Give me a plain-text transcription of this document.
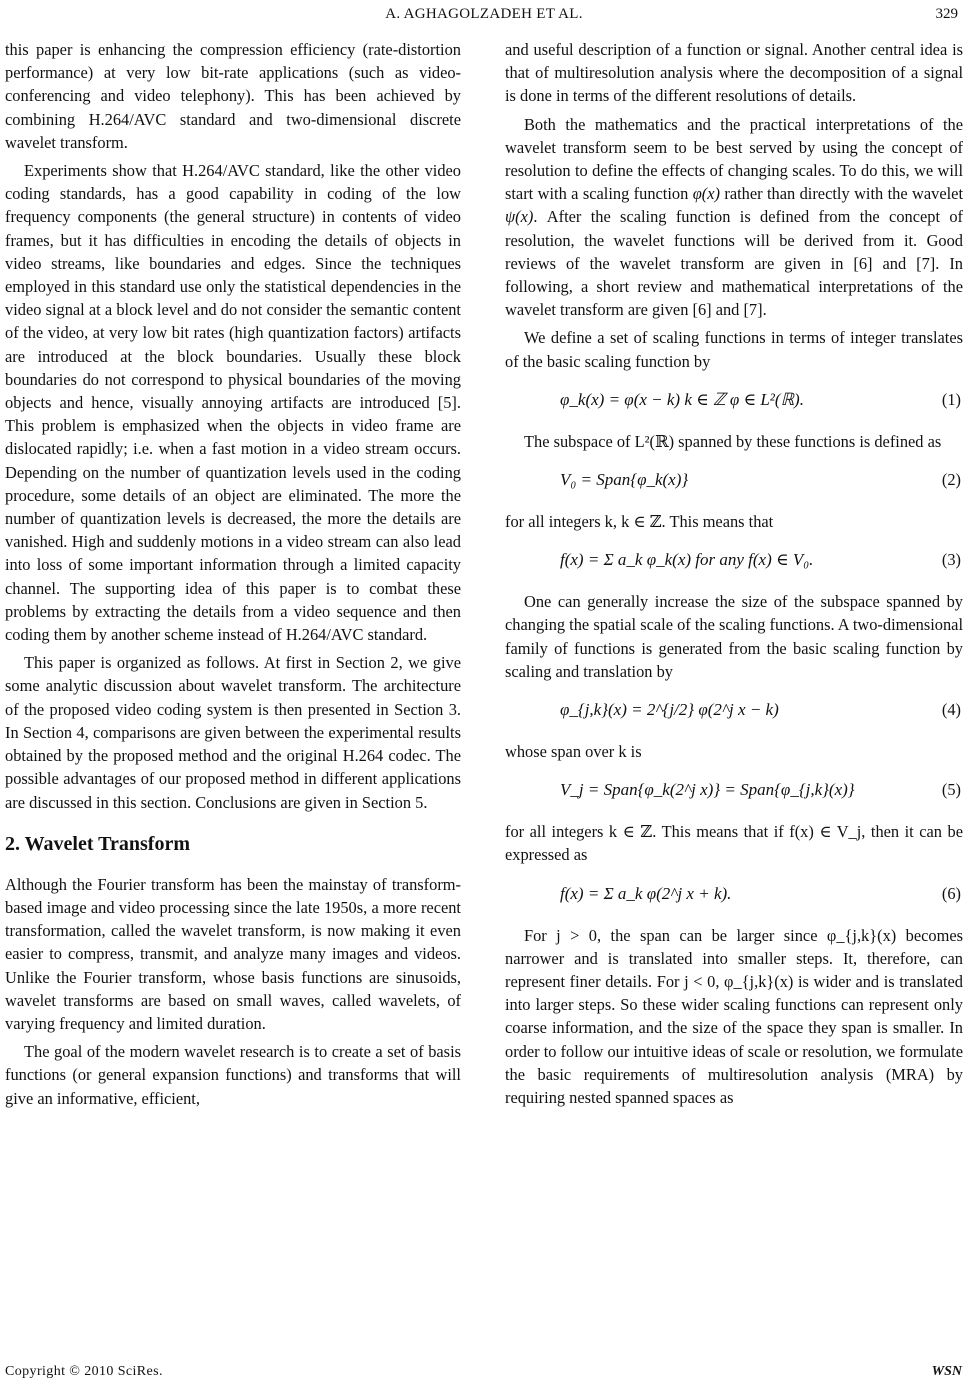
A. AGHAGOLZADEH ET AL.	329

this paper is enhancing the compression efficiency (rate-distortion performance) at very low bit-rate applications (such as video-conferencing and video telephony). This has been achieved by combining H.264/AVC standard and two-dimensional discrete wavelet transform.

Experiments show that H.264/AVC standard, like the other video coding standards, has a good capability in coding of the low frequency components (the general structure) in contents of video frames, but it has difficulties in encoding the details of objects in video streams, like boundaries and edges. Since the techniques employed in this standard use only the statistical dependencies in the video signal at a block level and do not consider the semantic content of the video, at very low bit rates (high quantization factors) artifacts are introduced at the block boundaries. Usually these block boundaries do not correspond to physical boundaries of the moving objects and hence, visually annoying artifacts are introduced [5]. This problem is emphasized when the objects in video frame are dislocated rapidly; i.e. when a fast motion in a video stream occurs. Depending on the number of quantization levels used in the coding procedure, some details of an object are eliminated. The more the number of quantization levels is decreased, the more the details are vanished. High and suddenly motions in a video stream can also lead into loss of some important information through a limited capacity channel. The supporting idea of this paper is to combat these problems by extracting the details from a video sequence and then coding them by another scheme instead of H.264/AVC standard.

This paper is organized as follows. At first in Section 2, we give some analytic discussion about wavelet transform. The architecture of the proposed video coding system is then presented in Section 3. In Section 4, comparisons are given between the experimental results obtained by the proposed method and the original H.264 codec. The possible advantages of our proposed method in different applications are discussed in this section. Conclusions are given in Section 5.

2. Wavelet Transform

Although the Fourier transform has been the mainstay of transform-based image and video processing since the late 1950s, a more recent transformation, called the wavelet transform, is now making it even easier to compress, transmit, and analyze many images and videos. Unlike the Fourier transform, whose basis functions are sinusoids, wavelet transforms are based on small waves, called wavelets, of varying frequency and limited duration.

The goal of the modern wavelet research is to create a set of basis functions (or general expansion functions) and transforms that will give an informative, efficient,

and useful description of a function or signal. Another central idea is that of multiresolution analysis where the decomposition of a signal is done in terms of the different resolutions of details.

Both the mathematics and the practical interpretations of the wavelet transform seem to be best served by using the concept of resolution to define the effects of changing scales. To do this, we will start with a scaling function φ(x) rather than directly with the wavelet ψ(x). After the scaling function is defined from the concept of resolution, the wavelet functions will be derived from it. Good reviews of the wavelet transform are given in [6] and [7]. In following, a short review and mathematical interpretations of the wavelet transform are given [6] and [7].

We define a set of scaling functions in terms of integer translates of the basic scaling function by

φ_k(x) = φ(x − k) k ∈ ℤ φ ∈ L²(ℝ).	(1)

The subspace of L²(ℝ) spanned by these functions is defined as

V₀ = Span{φ_k(x)}	(2)

for all integers k, k ∈ ℤ. This means that

f(x) = Σ a_k φ_k(x) for any f(x) ∈ V₀.	(3)

One can generally increase the size of the subspace spanned by changing the spatial scale of the scaling functions. A two-dimensional family of functions is generated from the basic scaling function by scaling and translation by

φ_{j,k}(x) = 2^{j/2} φ(2^j x − k)	(4)

whose span over k is

V_j = Span{φ_k(2^j x)} = Span{φ_{j,k}(x)}	(5)

for all integers k ∈ ℤ. This means that if f(x) ∈ V_j, then it can be expressed as

f(x) = Σ a_k φ(2^j x + k).	(6)

For j > 0, the span can be larger since φ_{j,k}(x) becomes narrower and is translated into smaller steps. It, therefore, can represent finer details. For j < 0, φ_{j,k}(x) is wider and is translated into larger steps. So these wider scaling functions can represent only coarse information, and the size of the space they span is smaller. In order to follow our intuitive ideas of scale or resolution, we formulate the basic requirements of multiresolution analysis (MRA) by requiring nested spanned spaces as

Copyright © 2010 SciRes.	WSN
